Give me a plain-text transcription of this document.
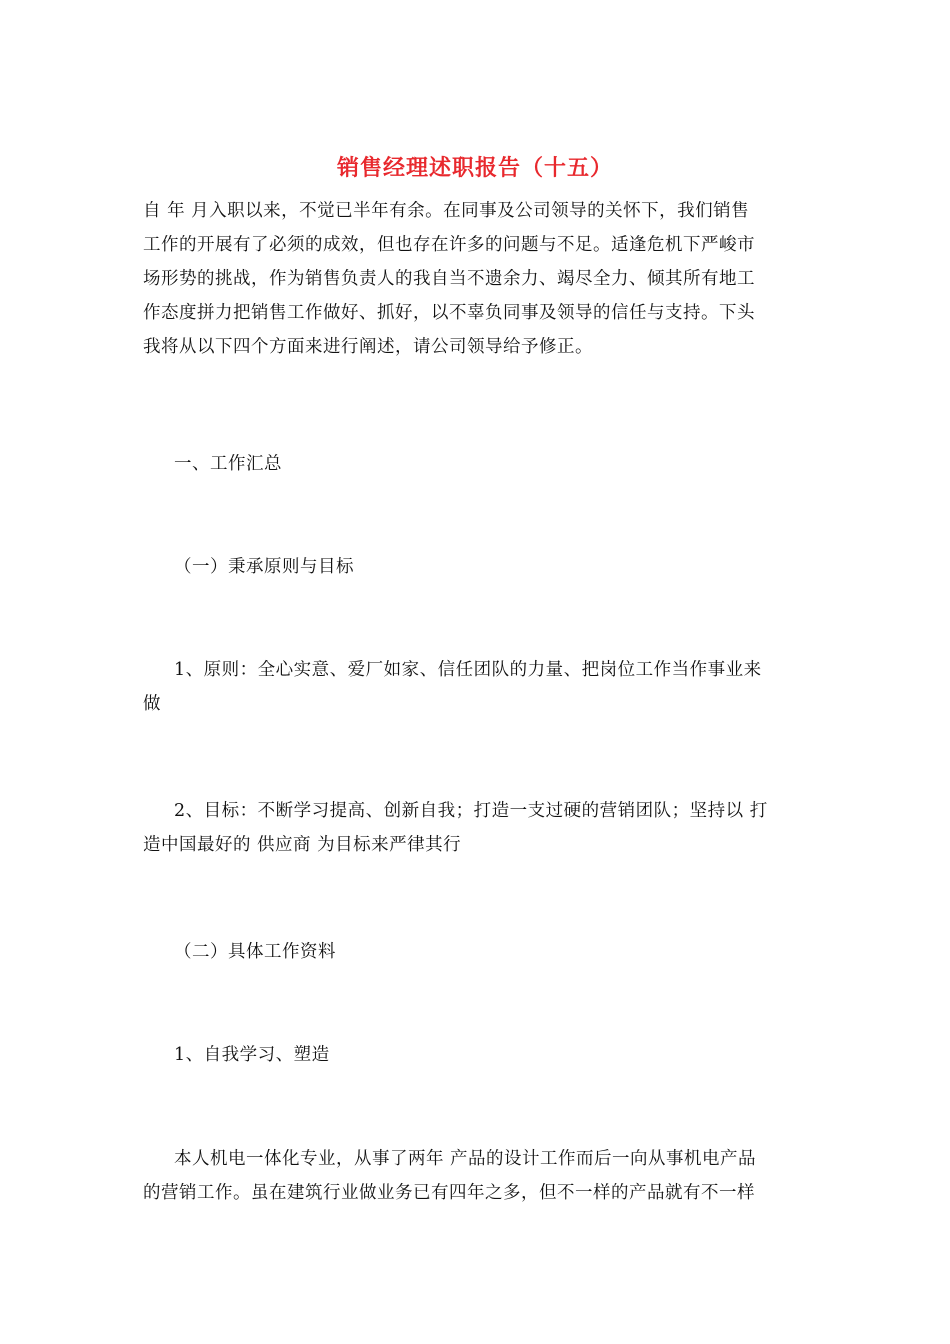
销售经理述职报告（十五）
自 年 月入职以来，不觉已半年有余。在同事及公司领导的关怀下，我们销售
工作的开展有了必须的成效，但也存在许多的问题与不足。适逢危机下严峻市
场形势的挑战，作为销售负责人的我自当不遗余力、竭尽全力、倾其所有地工
作态度拼力把销售工作做好、抓好，以不辜负同事及领导的信任与支持。下头
我将从以下四个方面来进行阐述，请公司领导给予修正。
一、工作汇总
（一）秉承原则与目标
1、原则：全心实意、爱厂如家、信任团队的力量、把岗位工作当作事业来
做
2、目标：不断学习提高、创新自我；打造一支过硬的营销团队；坚持以 打
造中国最好的 供应商 为目标来严律其行
（二）具体工作资料
1、自我学习、塑造
本人机电一体化专业，从事了两年 产品的设计工作而后一向从事机电产品
的营销工作。虽在建筑行业做业务已有四年之多，但不一样的产品就有不一样
